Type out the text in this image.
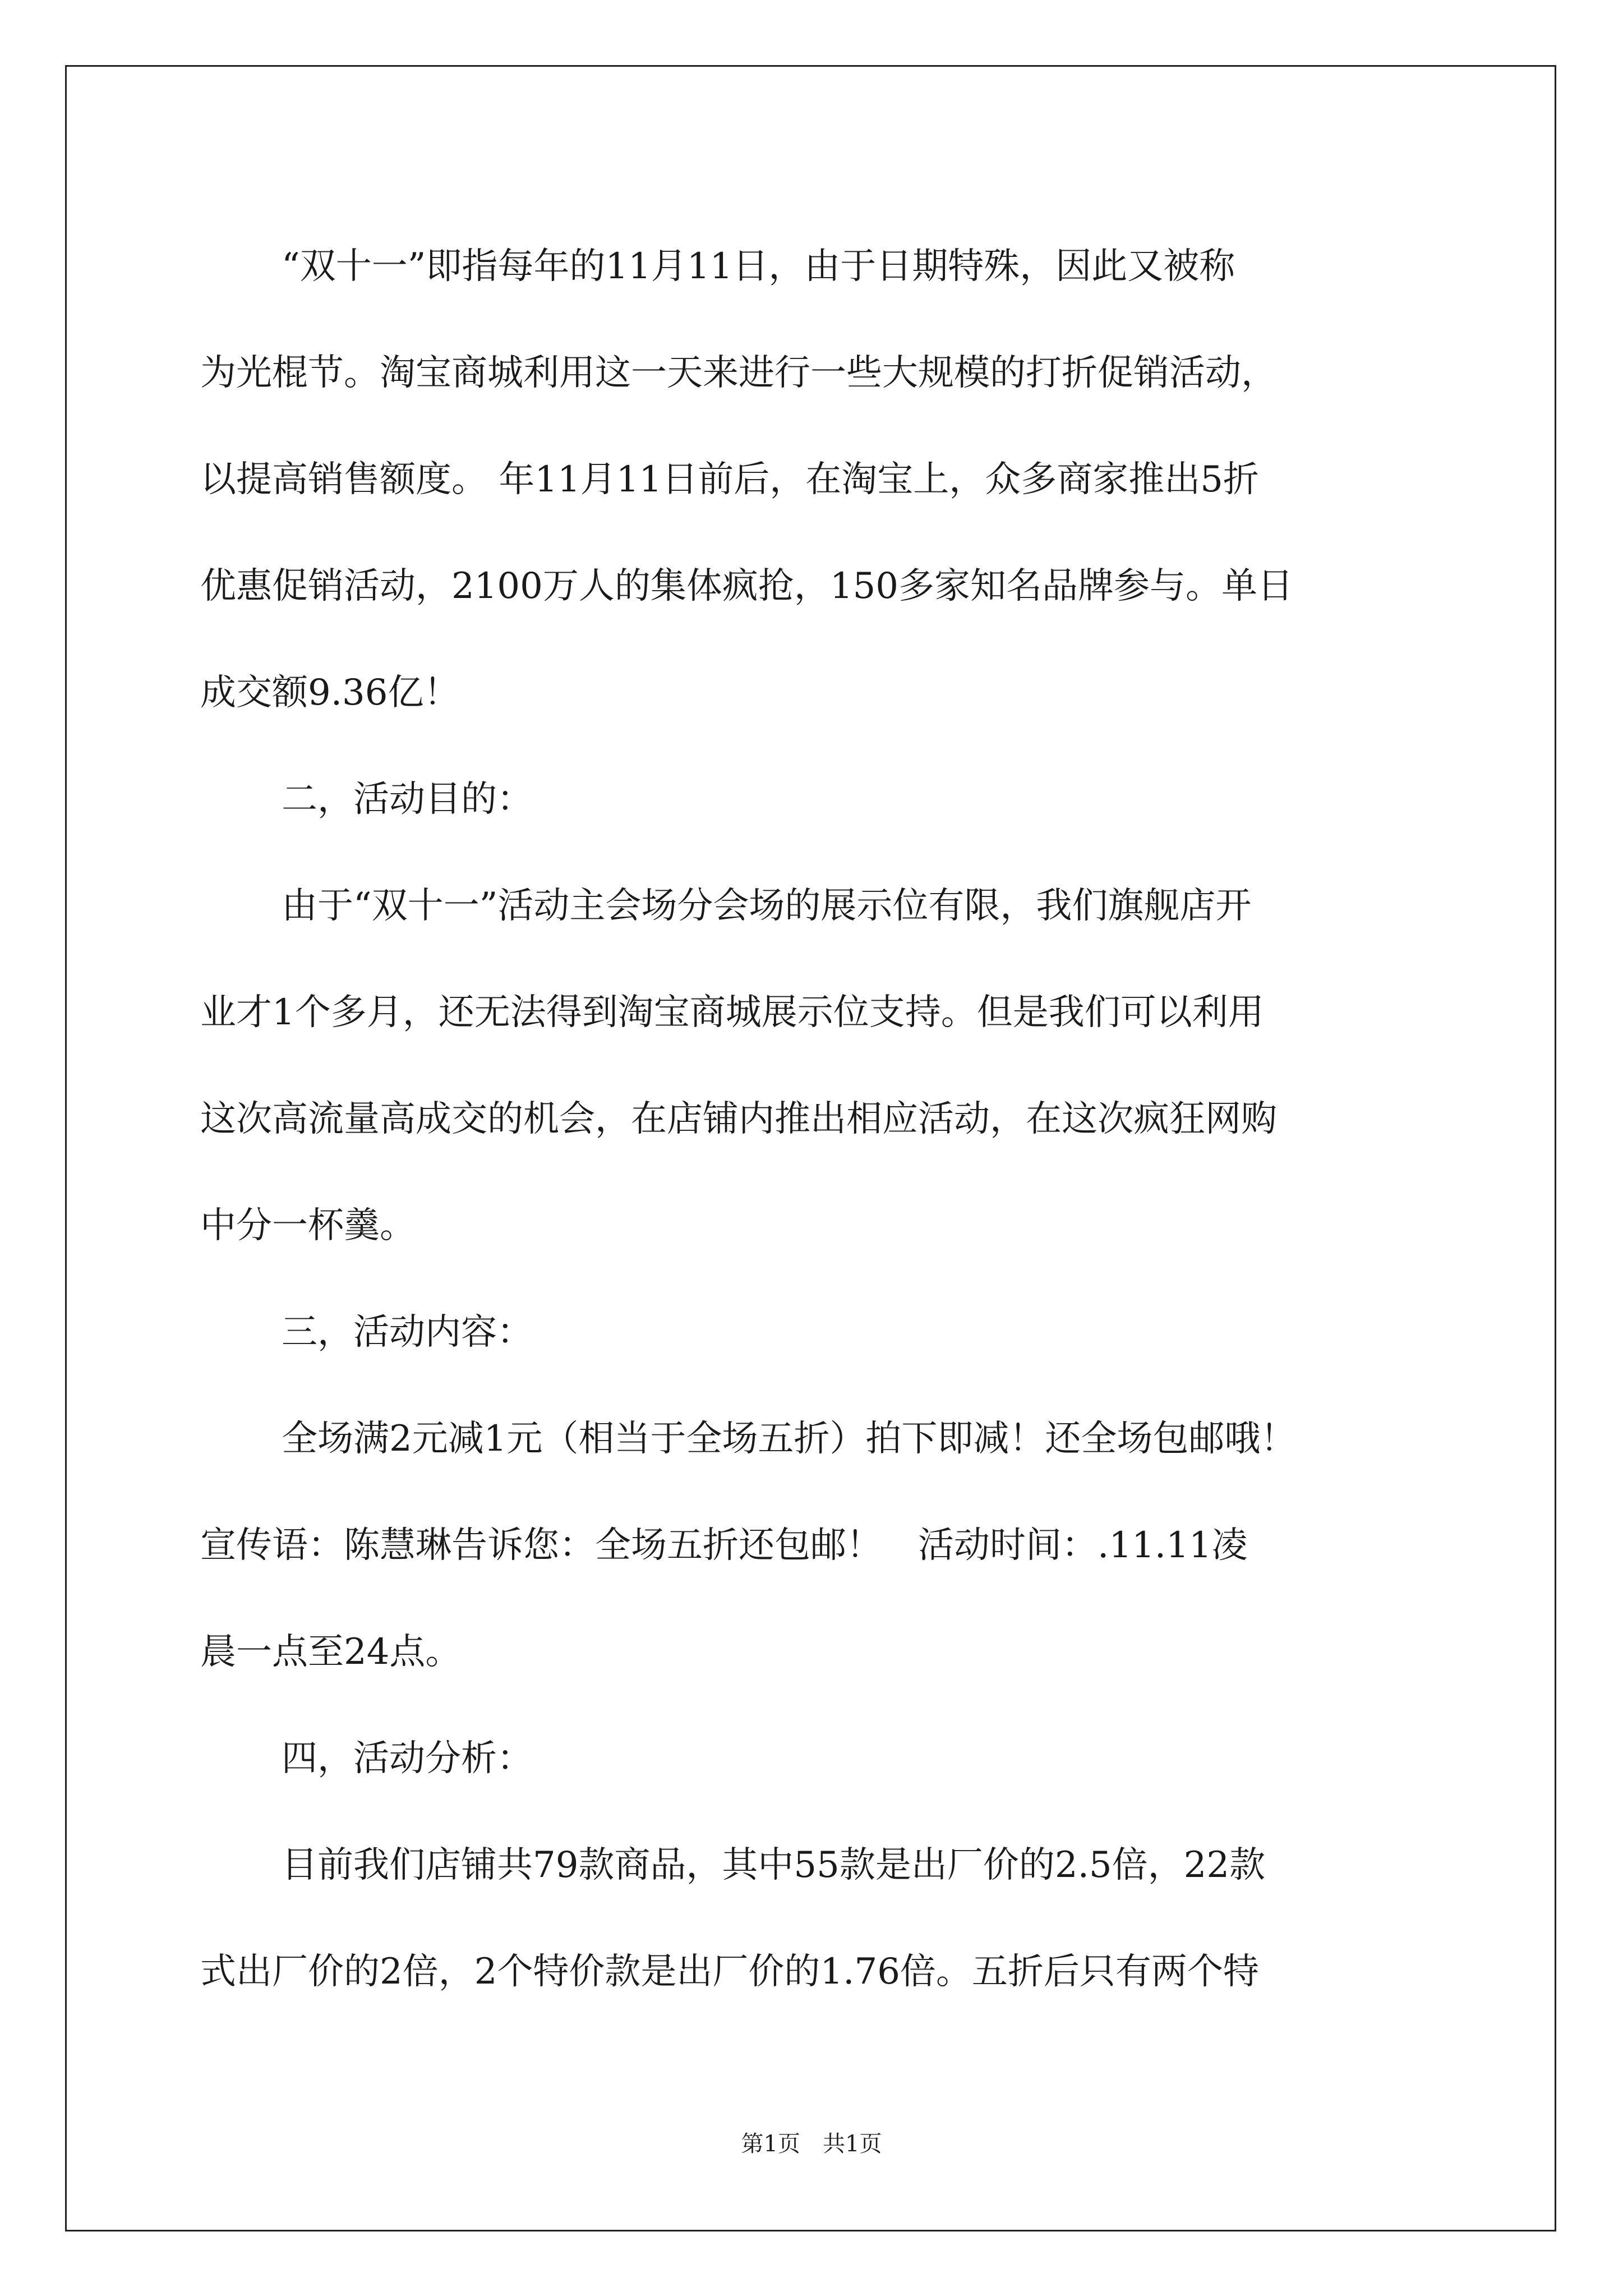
“双十一”即指每年的11月11日，由于日期特殊，因此又被称

为光棍节。淘宝商城利用这一天来进行一些大规模的打折促销活动，

以提高销售额度。 年11月11日前后，在淘宝上，众多商家推出5折

优惠促销活动，2100万人的集体疯抢，150多家知名品牌参与。单日

成交额9.36亿！

二，活动目的：

由于“双十一”活动主会场分会场的展示位有限，我们旗舰店开

业才1个多月，还无法得到淘宝商城展示位支持。但是我们可以利用

这次高流量高成交的机会，在店铺内推出相应活动，在这次疯狂网购

中分一杯羹。

三，活动内容：

全场满2元减1元（相当于全场五折）拍下即减！还全场包邮哦！

宣传语：陈慧琳告诉您：全场五折还包邮！　活动时间：.11.11凌

晨一点至24点。

四，活动分析：

目前我们店铺共79款商品，其中55款是出厂价的2.5倍，22款

式出厂价的2倍，2个特价款是出厂价的1.76倍。五折后只有两个特

第1页　共1页
